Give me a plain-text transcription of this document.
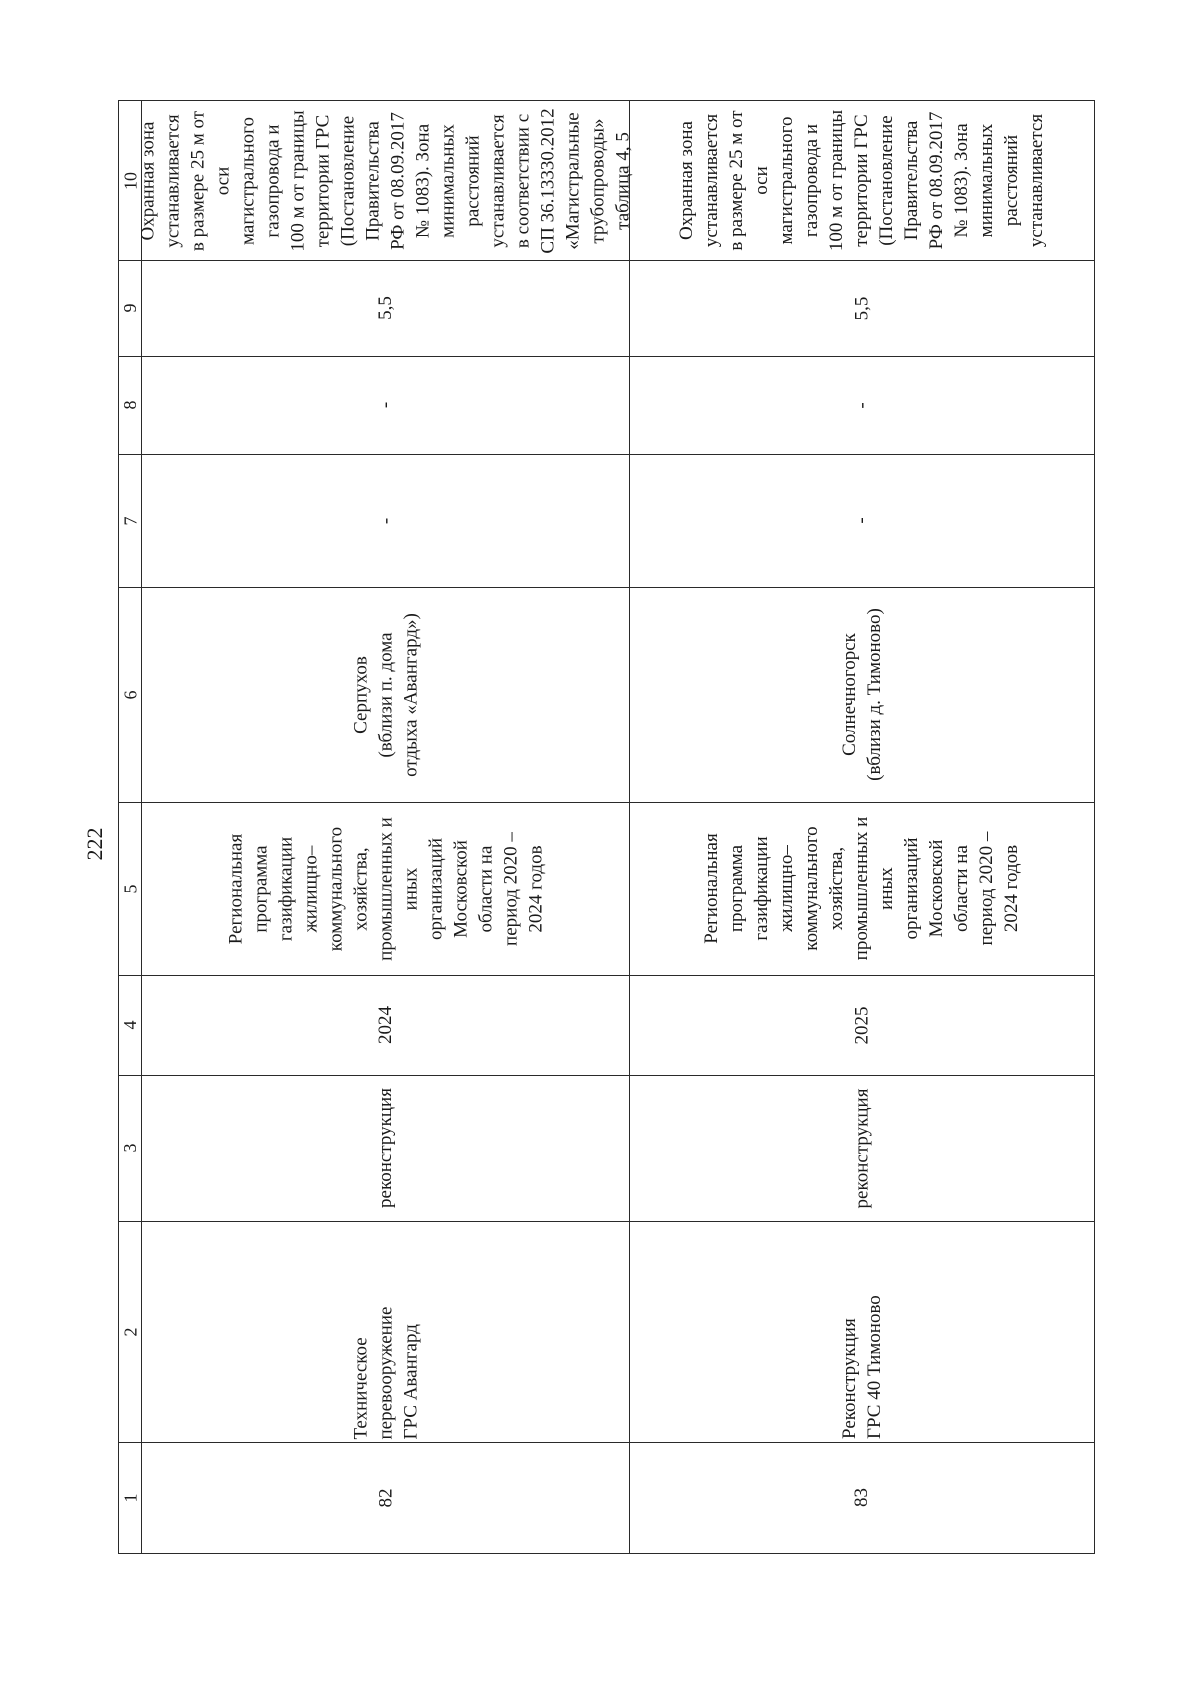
222
10
9
8
7
6
5
4
3
2
1
Охранная зона
устанавливается
в размере 25 м от
оси
магистрального
газопровода и
100 м от границы
территории ГРС
(Постановление
Правительства
РФ от 08.09.2017
№ 1083). Зона
минимальных
расстояний
устанавливается
в соответствии с
СП 36.13330.2012
«Магистральные
трубопроводы»
таблица 4, 5
5,5
-
-
Серпухов
(вблизи п. дома
отдыха «Авангард»)
Региональная
программа
газификации
жилищно–
коммунального
хозяйства,
промышленных и
иных
организаций
Московской
области на
период 2020 –
2024 годов
2024
реконструкция
Техническое
перевооружение
ГРС Авангард
82
Охранная зона
устанавливается
в размере 25 м от
оси
магистрального
газопровода и
100 м от границы
территории ГРС
(Постановление
Правительства
РФ от 08.09.2017
№ 1083). Зона
минимальных
расстояний
устанавливается
5,5
-
-
Солнечногорск
(вблизи д. Тимоново)
Региональная
программа
газификации
жилищно–
коммунального
хозяйства,
промышленных и
иных
организаций
Московской
области на
период 2020 –
2024 годов
2025
реконструкция
Реконструкция
ГРС 40 Тимоново
83
